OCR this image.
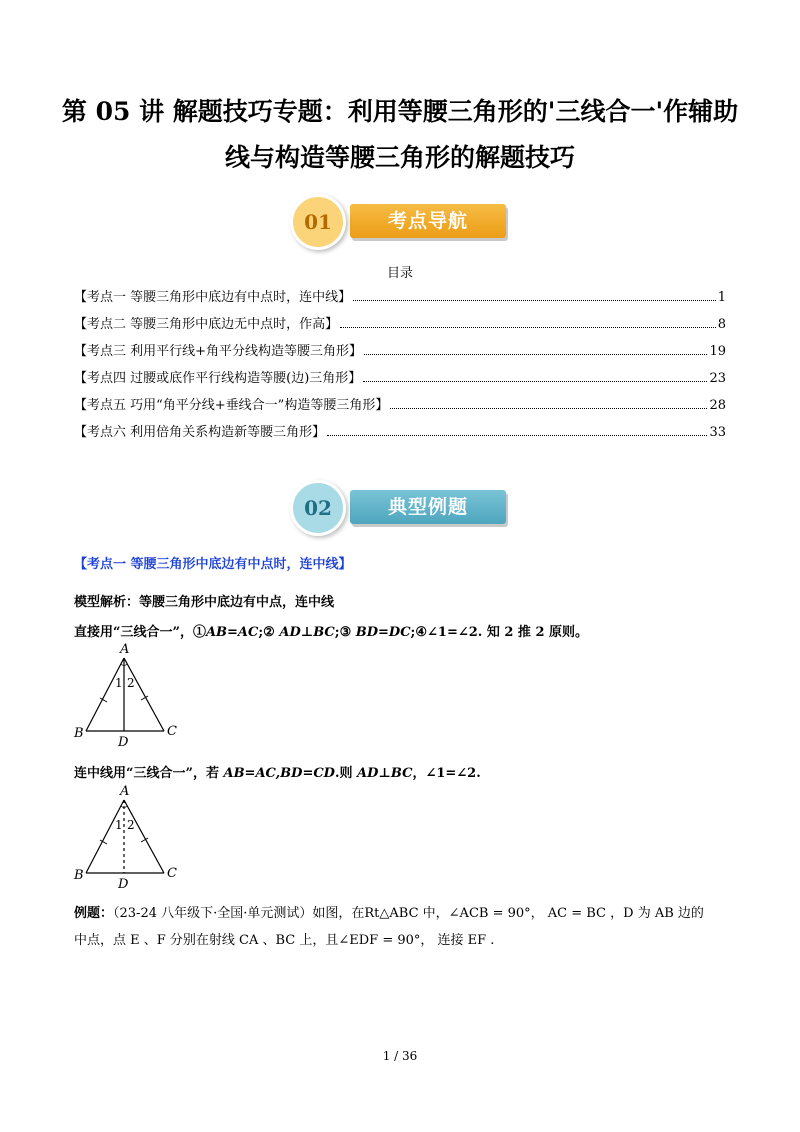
第 05 讲 解题技巧专题：利用等腰三角形的'三线合一'作辅助
线与构造等腰三角形的解题技巧
考点导航
01
目录
【考点一 等腰三角形中底边有中点时，连中线】	1
【考点二 等腰三角形中底边无中点时，作高】	8
【考点三 利用平行线+角平分线构造等腰三角形】	19
【考点四 过腰或底作平行线构造等腰(边)三角形】	23
【考点五 巧用“角平分线+垂线合一”构造等腰三角形】	28
【考点六 利用倍角关系构造新等腰三角形】	33
典型例题
02
【考点一 等腰三角形中底边有中点时，连中线】
模型解析：等腰三角形中底边有中点，连中线
直接用“三线合一”，①AB=AC;② AD⊥BC;③ BD=DC;④∠1=∠2. 知 2 推 2 原则。
A
1 2
B	C
D
连中线用“三线合一”，若 AB=AC,BD=CD.则 AD⊥BC，∠1=∠2.
A
1 2
B	C
D
例题：（23-24 八年级下·全国·单元测试）如图，在Rt△ABC 中，∠ACB = 90°， AC = BC ，D 为 AB 边的
中点，点 E 、F 分别在射线 CA 、BC 上，且∠EDF = 90°， 连接 EF .
1 / 36
